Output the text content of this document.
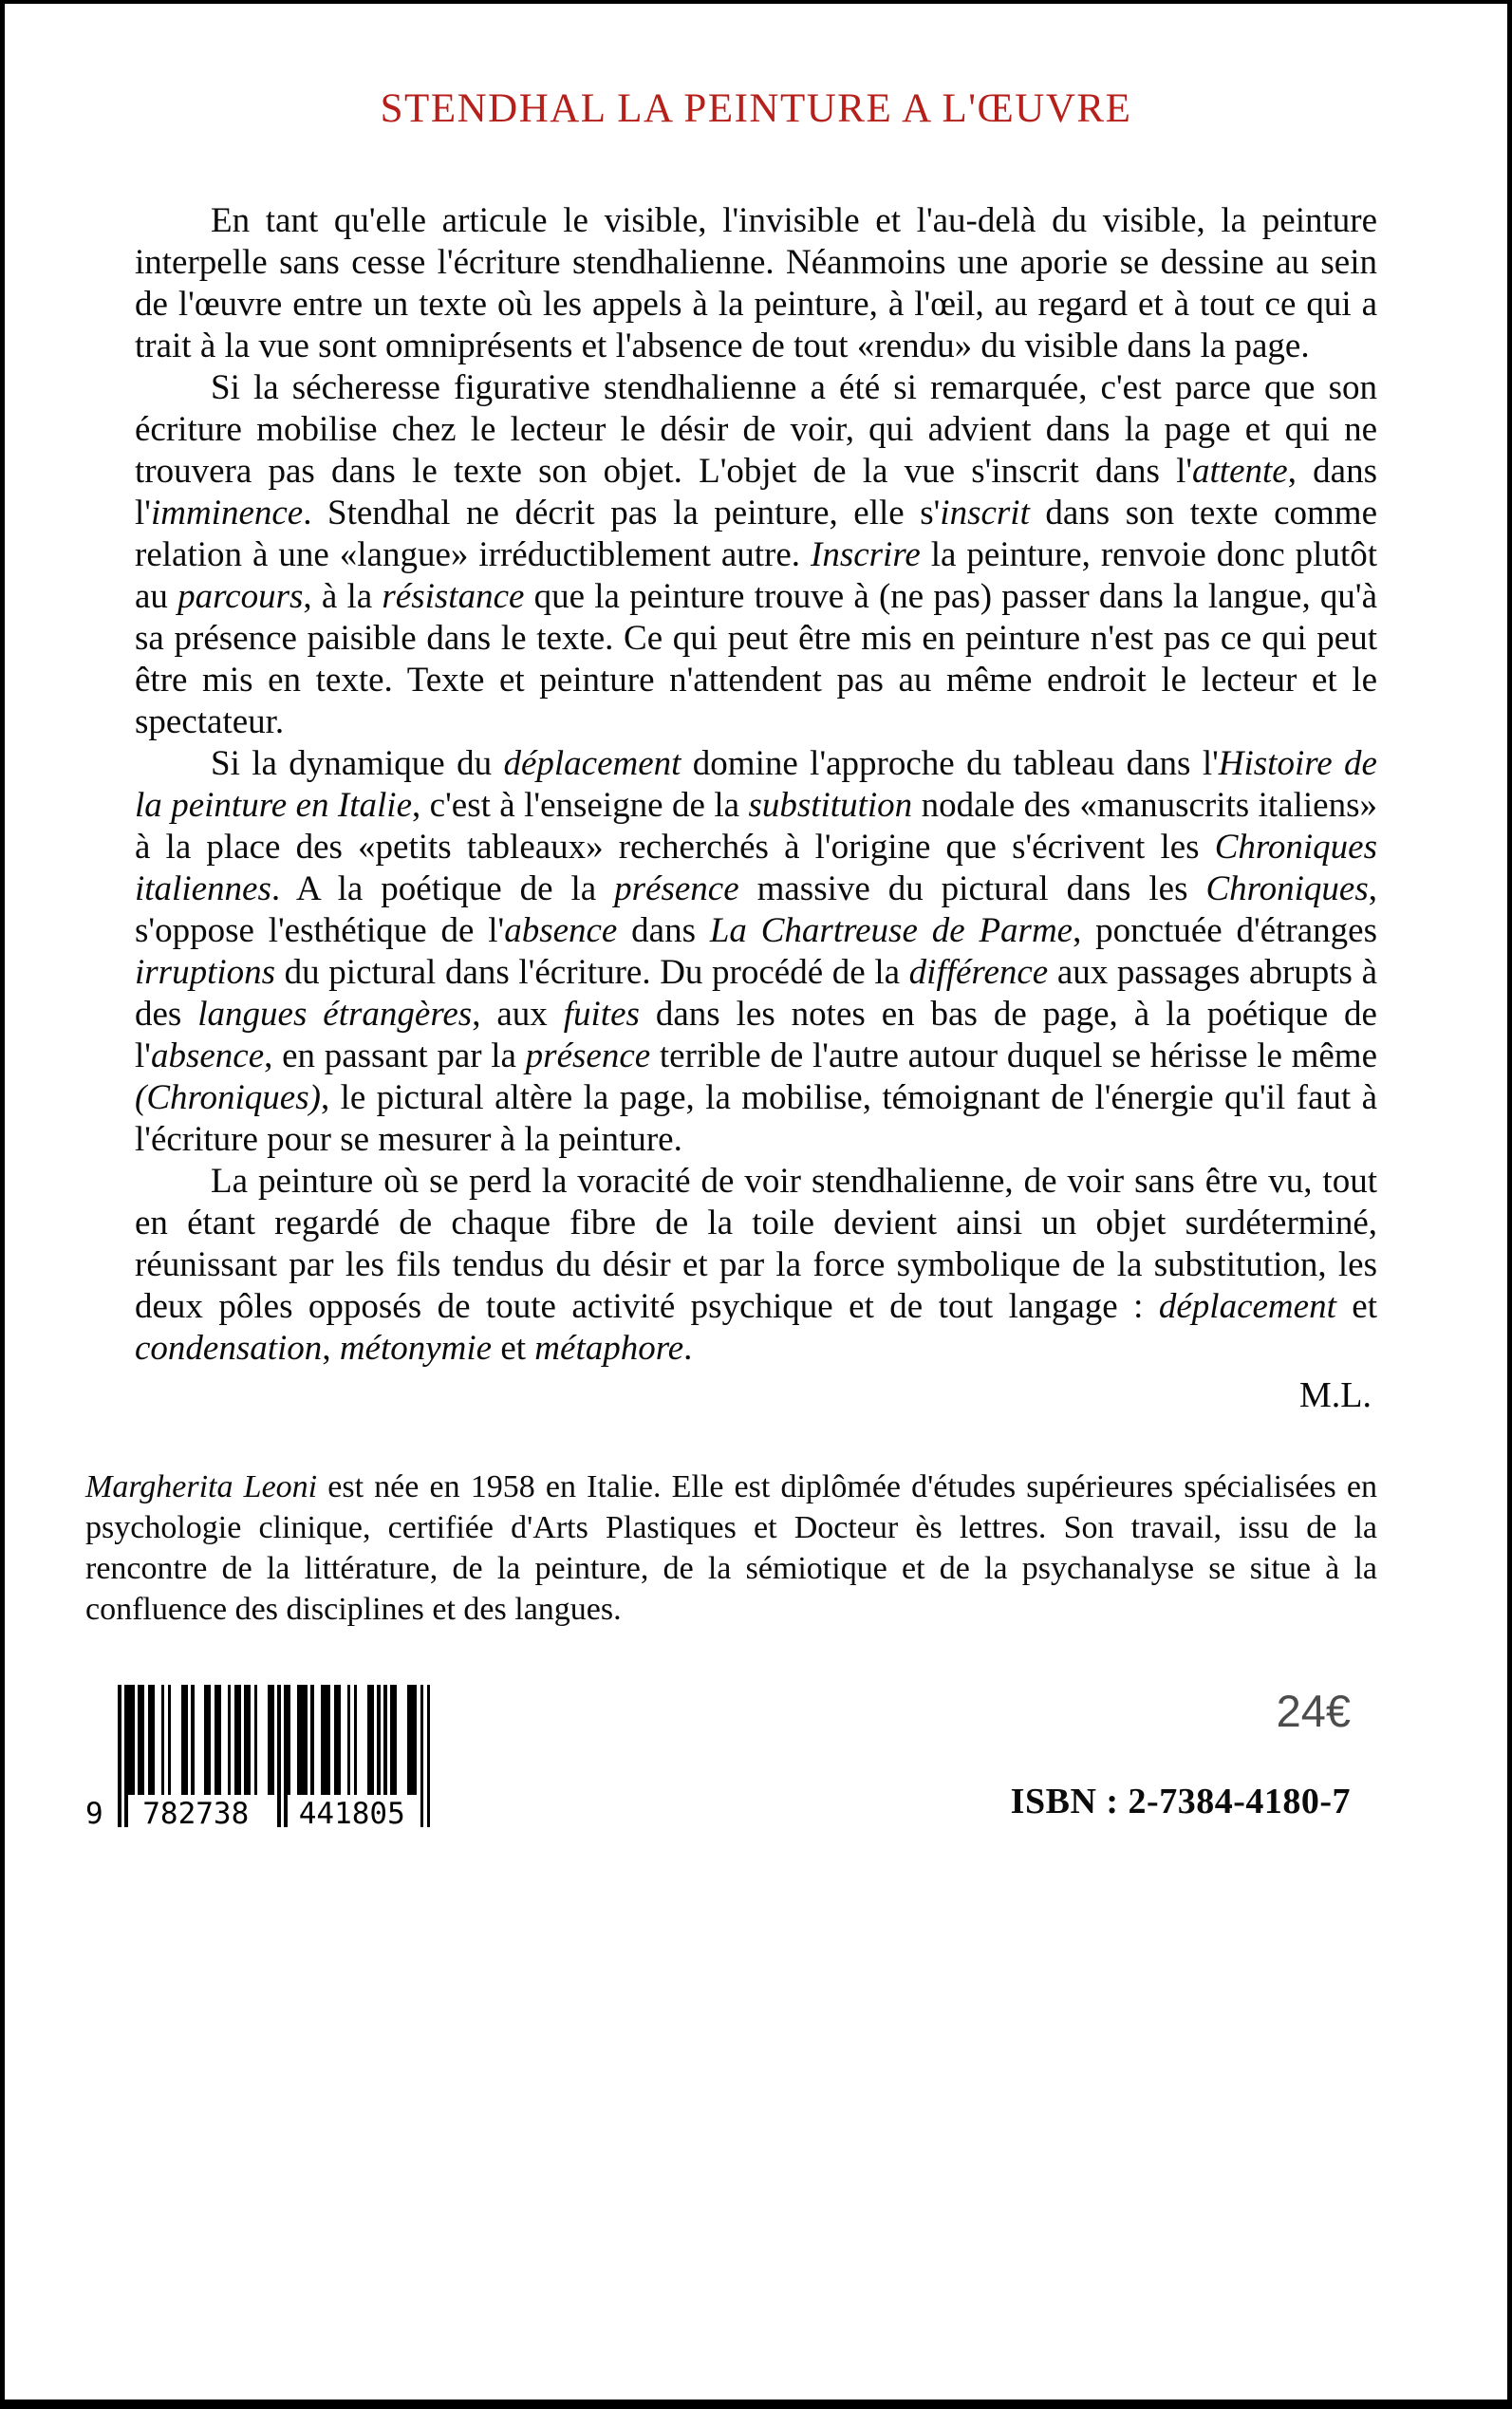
STENDHAL LA PEINTURE A L'ŒUVRE

En tant qu'elle articule le visible, l'invisible et l'au-delà du visible, la peinture interpelle sans cesse l'écriture stendhalienne. Néanmoins une aporie se dessine au sein de l'œuvre entre un texte où les appels à la peinture, à l'œil, au regard et à tout ce qui a trait à la vue sont omniprésents et l'absence de tout «rendu» du visible dans la page.

Si la sécheresse figurative stendhalienne a été si remarquée, c'est parce que son écriture mobilise chez le lecteur le désir de voir, qui advient dans la page et qui ne trouvera pas dans le texte son objet. L'objet de la vue s'inscrit dans l'attente, dans l'imminence. Stendhal ne décrit pas la peinture, elle s'inscrit dans son texte comme relation à une «langue» irréductiblement autre. Inscrire la peinture, renvoie donc plutôt au parcours, à la résistance que la peinture trouve à (ne pas) passer dans la langue, qu'à sa présence paisible dans le texte. Ce qui peut être mis en peinture n'est pas ce qui peut être mis en texte. Texte et peinture n'attendent pas au même endroit le lecteur et le spectateur.

Si la dynamique du déplacement domine l'approche du tableau dans l'Histoire de la peinture en Italie, c'est à l'enseigne de la substitution nodale des «manuscrits italiens» à la place des «petits tableaux» recherchés à l'origine que s'écrivent les Chroniques italiennes. A la poétique de la présence massive du pictural dans les Chroniques, s'oppose l'esthétique de l'absence dans La Chartreuse de Parme, ponctuée d'étranges irruptions du pictural dans l'écriture. Du procédé de la différence aux passages abrupts à des langues étrangères, aux fuites dans les notes en bas de page, à la poétique de l'absence, en passant par la présence terrible de l'autre autour duquel se hérisse le même (Chroniques), le pictural altère la page, la mobilise, témoignant de l'énergie qu'il faut à l'écriture pour se mesurer à la peinture.

La peinture où se perd la voracité de voir stendhalienne, de voir sans être vu, tout en étant regardé de chaque fibre de la toile devient ainsi un objet surdéterminé, réunissant par les fils tendus du désir et par la force symbolique de la substitution, les deux pôles opposés de toute activité psychique et de tout langage : déplacement et condensation, métonymie et métaphore.

M.L.

Margherita Leoni est née en 1958 en Italie. Elle est diplômée d'études supérieures spécialisées en psychologie clinique, certifiée d'Arts Plastiques et Docteur ès lettres. Son travail, issu de la rencontre de la littérature, de la peinture, de la sémiotique et de la psychanalyse se situe à la confluence des disciplines et des langues.

9	782738	441805
24€
ISBN : 2-7384-4180-7
